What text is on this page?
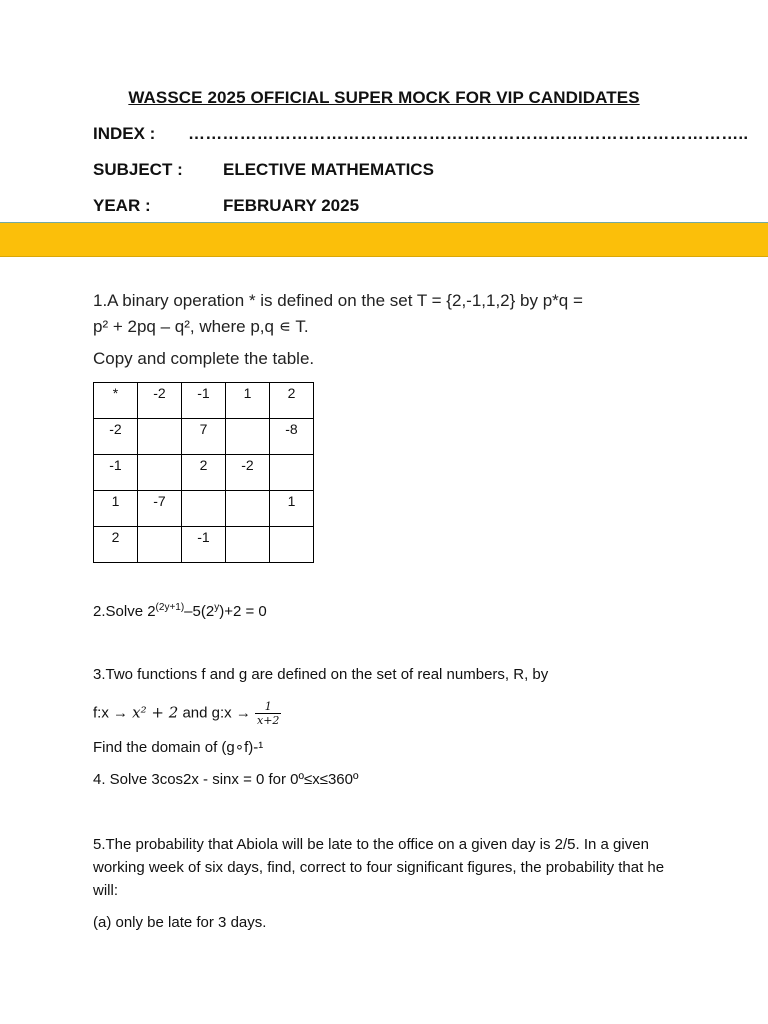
WASSCE 2025 OFFICIAL SUPER MOCK FOR VIP CANDIDATES
INDEX : ……………………………………………………………………………………..
SUBJECT : ELECTIVE MATHEMATICS
YEAR :	FEBRUARY 2025
1.A binary operation * is defined on the set T = {2,-1,1,2} by p*q =
p² + 2pq – q², where p,q ∊ T.
Copy and complete the table.
*	-2	-1	1	2
-2		7		-8
-1		2	-2	
1	-7			1
2		-1		
2.Solve $2^{(2y+1)}-5(2^y)+2 = 0$
3.Two functions f and g are defined on the set of real numbers, R, by
f:x → x² + 2 and g:x → $\frac{1}{x+2}$
Find the domain of (g∘f)-¹
4. Solve 3cos2x - sinx = 0 for 0º≤x≤360º
5.The probability that Abiola will be late to the office on a given day is 2/5. In a given working week of six days, find, correct to four significant figures, the probability that he will:
(a) only be late for 3 days.
